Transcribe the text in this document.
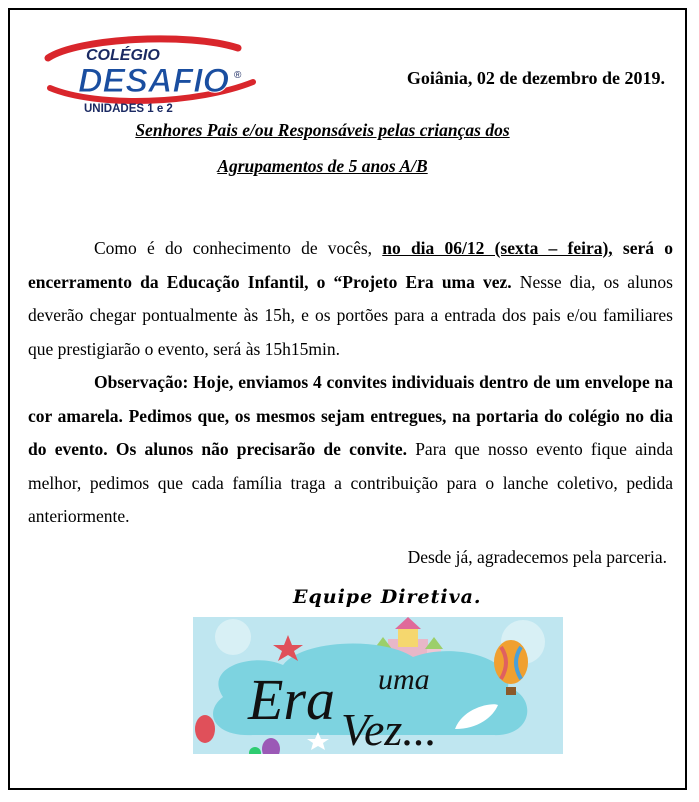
COLÉGIO
DESAFIO ®
UNIDADES 1 e 2
Goiânia, 02 de dezembro de 2019.
Senhores Pais e/ou Responsáveis pelas crianças dos
Agrupamentos de 5 anos A/B

Como é do conhecimento de vocês, no dia 06/12 (sexta – feira), será o encerramento da Educação Infantil, o “Projeto Era uma vez. Nesse dia, os alunos deverão chegar pontualmente às 15h, e os portões para a entrada dos pais e/ou familiares que prestigiarão o evento, será às 15h15min.

Observação: Hoje, enviamos 4 convites individuais dentro de um envelope na cor amarela. Pedimos que, os mesmos sejam entregues, na portaria do colégio no dia do evento. Os alunos não precisarão de convite. Para que nosso evento fique ainda melhor, pedimos que cada família traga a contribuição para o lanche coletivo, pedida anteriormente.

Desde já, agradecemos pela parceria.
Equipe Diretiva.
Era uma
Vez...
